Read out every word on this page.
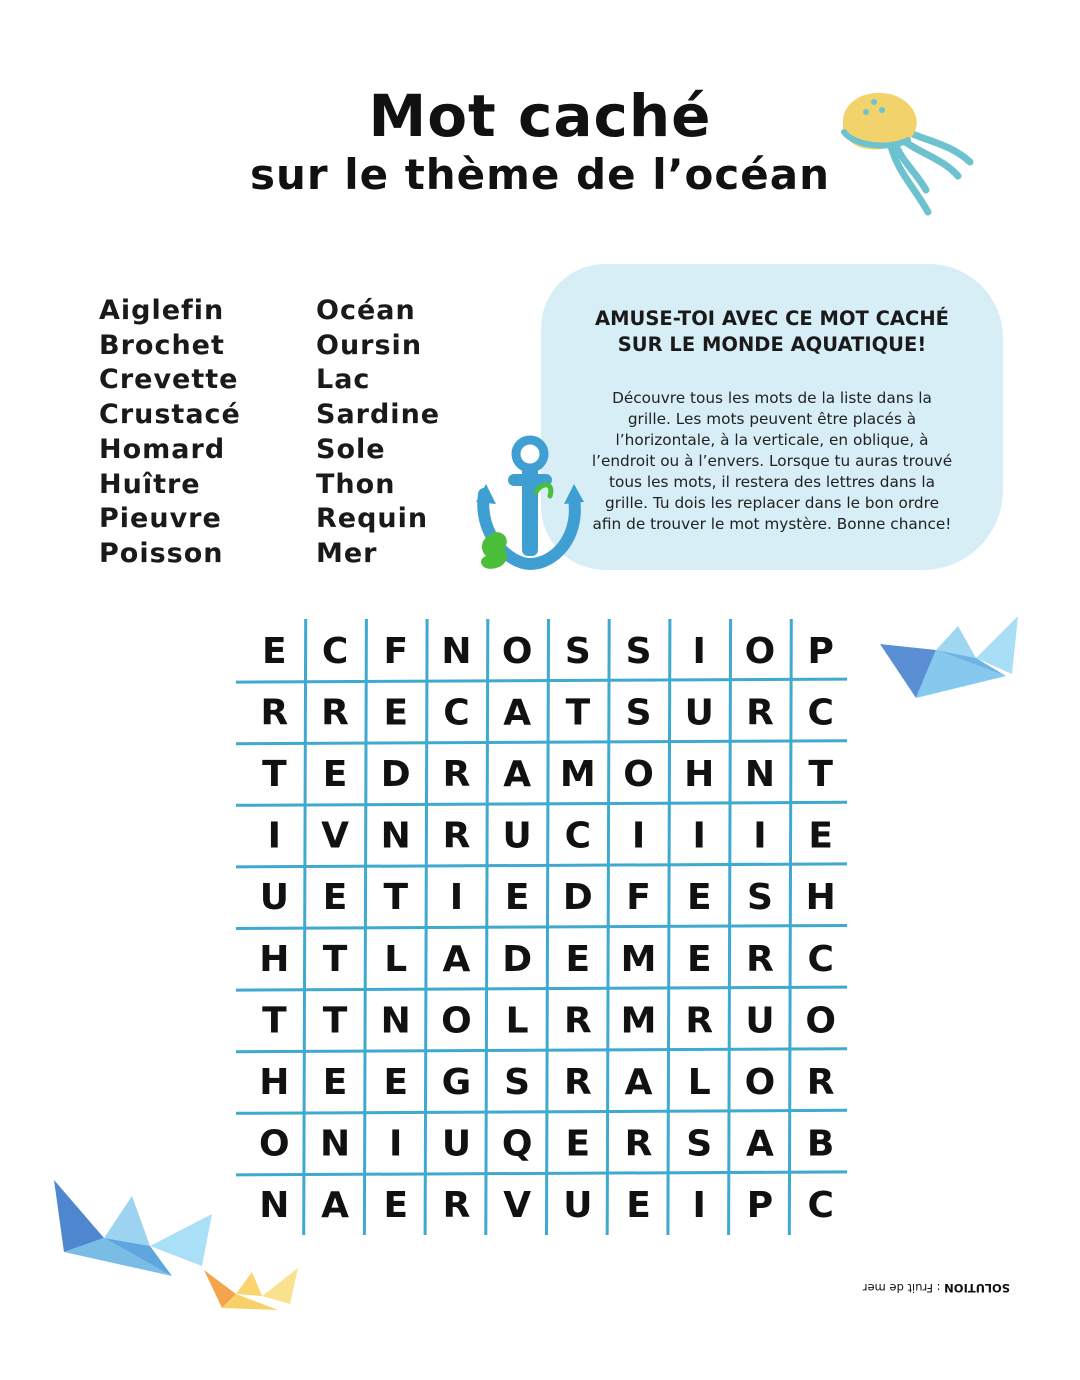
Mot caché
sur le thème de l’océan
Aiglefin
Brochet
Crevette
Crustacé
Homard
Huître
Pieuvre
Poisson
Océan
Oursin
Lac
Sardine
Sole
Thon
Requin
Mer
AMUSE-TOI AVEC CE MOT CACHÉ
SUR LE MONDE AQUATIQUE!
Découvre tous les mots de la liste dans la
grille. Les mots peuvent être placés à
l’horizontale, à la verticale, en oblique, à
l’endroit ou à l’envers. Lorsque tu auras trouvé
tous les mots, il restera des lettres dans la
grille. Tu dois les replacer dans le bon ordre
afin de trouver le mot mystère. Bonne chance!
E C F N O S S I O P
R R E C A T S U R C
T E D R A M O H N T
I V N R U C I I I E
U E T I E D F E S H
H T L A D E M E R C
T T N O L R M R U O
H E E G S R A L O R
O N I U Q E R S A B
N A E R V U E I P C
SOLUTION : Fruit de mer
